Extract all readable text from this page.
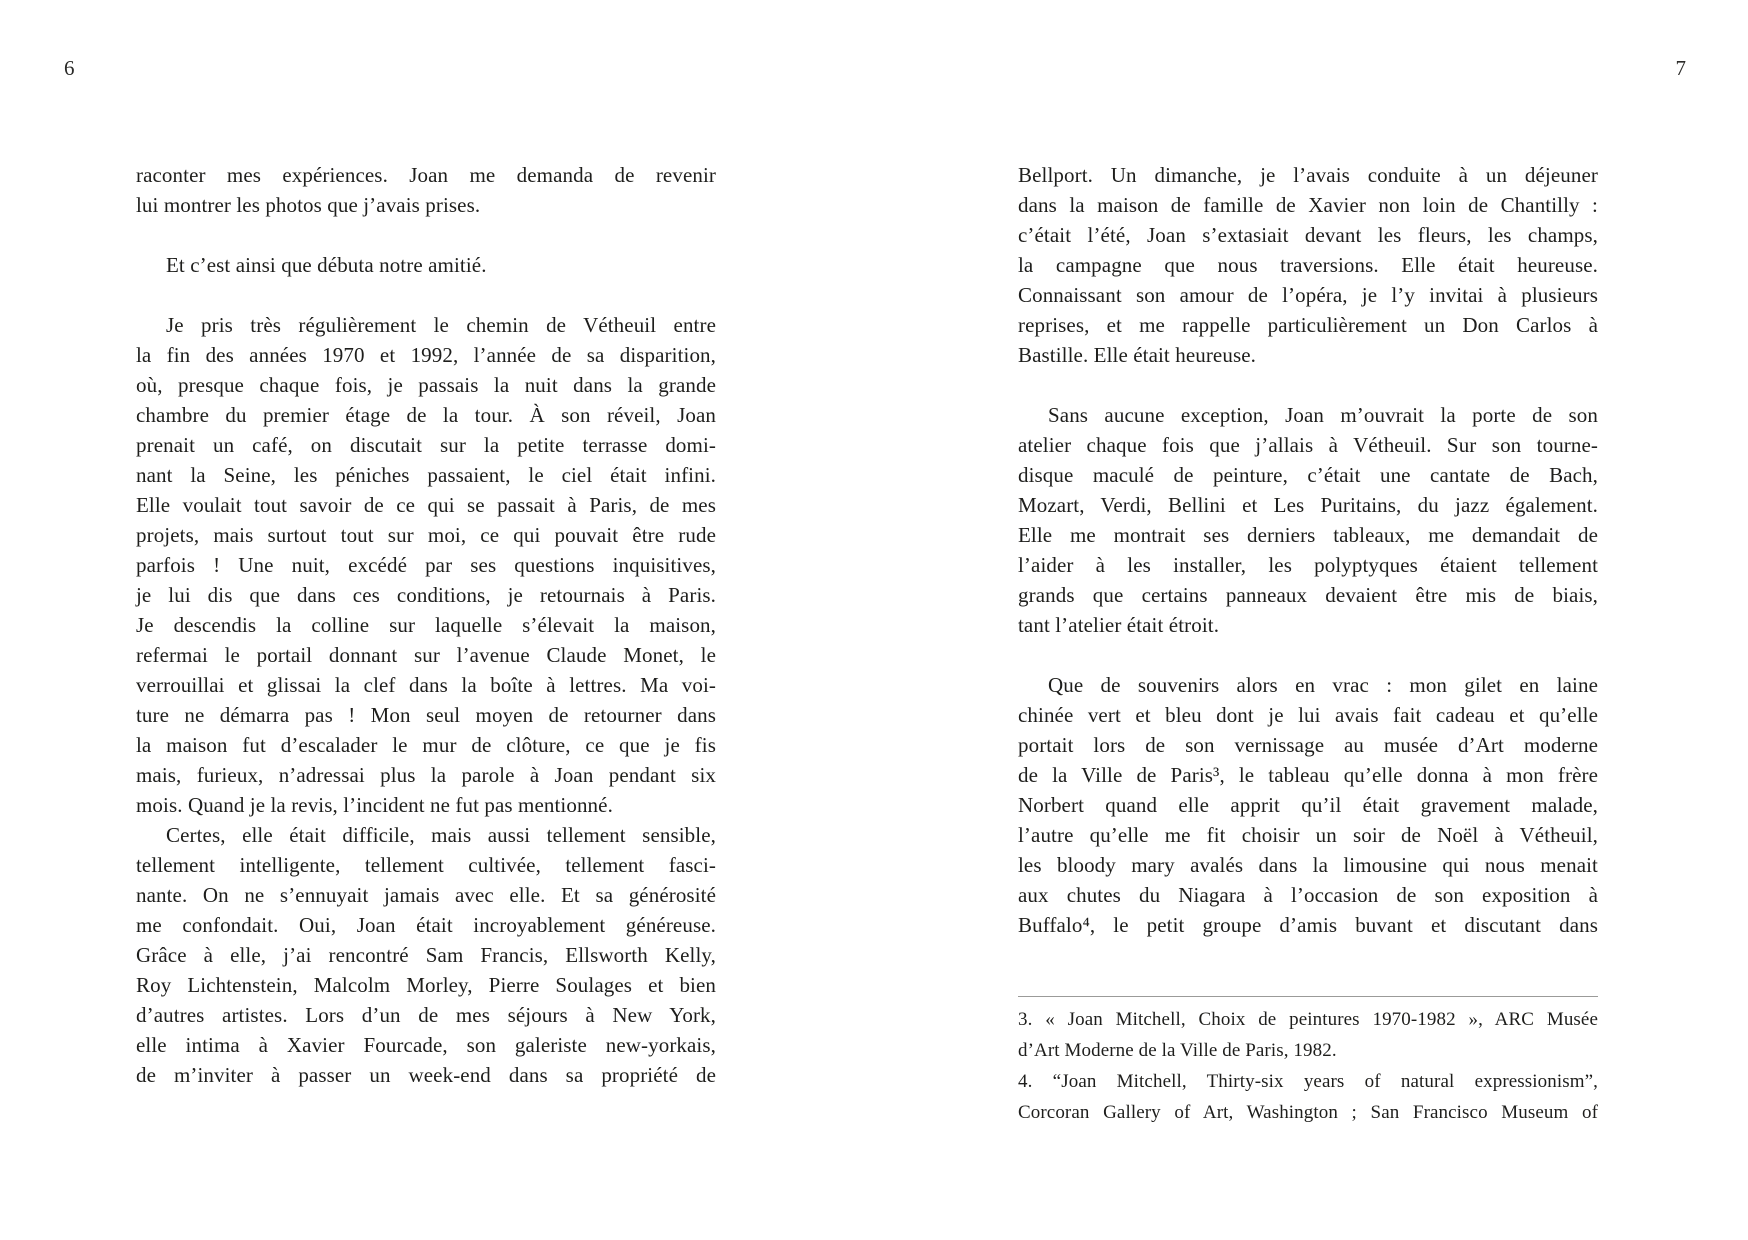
6	7
raconter mes expériences. Joan me demanda de revenir
lui montrer les photos que j’avais prises.

Et c’est ainsi que débuta notre amitié.

Je pris très régulièrement le chemin de Vétheuil entre
la fin des années 1970 et 1992, l’année de sa disparition,
où, presque chaque fois, je passais la nuit dans la grande
chambre du premier étage de la tour. À son réveil, Joan
prenait un café, on discutait sur la petite terrasse domi-
nant la Seine, les péniches passaient, le ciel était infini.
Elle voulait tout savoir de ce qui se passait à Paris, de mes
projets, mais surtout tout sur moi, ce qui pouvait être rude
parfois ! Une nuit, excédé par ses questions inquisitives,
je lui dis que dans ces conditions, je retournais à Paris.
Je descendis la colline sur laquelle s’élevait la maison,
refermai le portail donnant sur l’avenue Claude Monet, le
verrouillai et glissai la clef dans la boîte à lettres. Ma voi-
ture ne démarra pas ! Mon seul moyen de retourner dans
la maison fut d’escalader le mur de clôture, ce que je fis
mais, furieux, n’adressai plus la parole à Joan pendant six
mois. Quand je la revis, l’incident ne fut pas mentionné.
Certes, elle était difficile, mais aussi tellement sensible,
tellement intelligente, tellement cultivée, tellement fasci-
nante. On ne s’ennuyait jamais avec elle. Et sa générosité
me confondait. Oui, Joan était incroyablement généreuse.
Grâce à elle, j’ai rencontré Sam Francis, Ellsworth Kelly,
Roy Lichtenstein, Malcolm Morley, Pierre Soulages et bien
d’autres artistes. Lors d’un de mes séjours à New York,
elle intima à Xavier Fourcade, son galeriste new-yorkais,
de m’inviter à passer un week-end dans sa propriété de
Bellport. Un dimanche, je l’avais conduite à un déjeuner
dans la maison de famille de Xavier non loin de Chantilly :
c’était l’été, Joan s’extasiait devant les fleurs, les champs,
la campagne que nous traversions. Elle était heureuse.
Connaissant son amour de l’opéra, je l’y invitai à plusieurs
reprises, et me rappelle particulièrement un Don Carlos à
Bastille. Elle était heureuse.

Sans aucune exception, Joan m’ouvrait la porte de son
atelier chaque fois que j’allais à Vétheuil. Sur son tourne-
disque maculé de peinture, c’était une cantate de Bach,
Mozart, Verdi, Bellini et Les Puritains, du jazz également.
Elle me montrait ses derniers tableaux, me demandait de
l’aider à les installer, les polyptyques étaient tellement
grands que certains panneaux devaient être mis de biais,
tant l’atelier était étroit.

Que de souvenirs alors en vrac : mon gilet en laine
chinée vert et bleu dont je lui avais fait cadeau et qu’elle
portait lors de son vernissage au musée d’Art moderne
de la Ville de Paris³, le tableau qu’elle donna à mon frère
Norbert quand elle apprit qu’il était gravement malade,
l’autre qu’elle me fit choisir un soir de Noël à Vétheuil,
les bloody mary avalés dans la limousine qui nous menait
aux chutes du Niagara à l’occasion de son exposition à
Buffalo⁴, le petit groupe d’amis buvant et discutant dans
3. « Joan Mitchell, Choix de peintures 1970-1982 », ARC Musée
d’Art Moderne de la Ville de Paris, 1982.
4. “Joan Mitchell, Thirty-six years of natural expressionism”,
Corcoran Gallery of Art, Washington ; San Francisco Museum of
